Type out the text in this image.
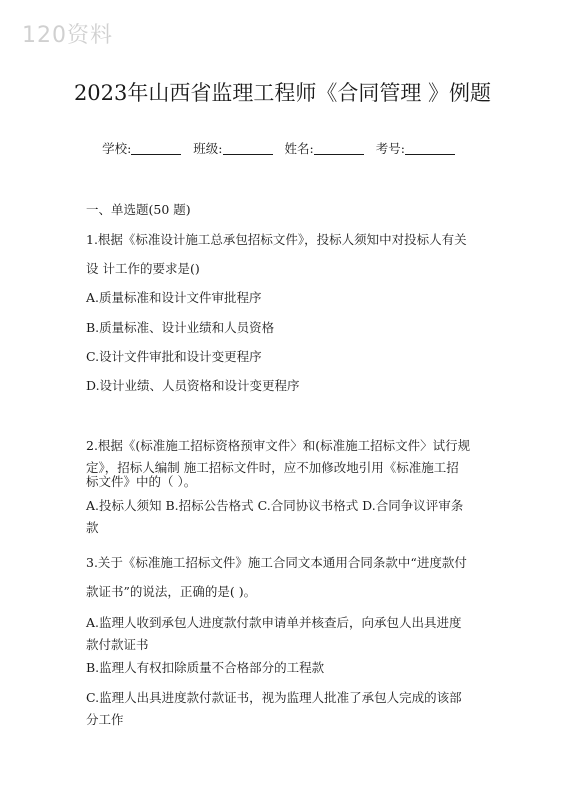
120资料
2023年山西省监理工程师《合同管理 》例题
学校:	班级:	姓名:	考号:
一、单选题(50 题)
1.根据《标准设计施工总承包招标文件》，投标人须知中对投标人有关
设 计工作的要求是()
A.质量标准和设计文件审批程序
B.质量标准、设计业绩和人员资格
C.设计文件审批和设计变更程序
D.设计业绩、人员资格和设计变更程序
2.根据《(标准施工招标资格预审文件〉和(标准施工招标文件〉试行规
定》，招标人编制 施工招标文件时，应不加修改地引用《标准施工招
标文件》中的（ ）。
A.投标人须知 B.招标公告格式 C.合同协议书格式 D.合同争议评审条
款
3.关于《标准施工招标文件》施工合同文本通用合同条款中“进度款付
款证书”的说法，正确的是( )。
A.监理人收到承包人进度款付款申请单并核查后，向承包人出具进度
款付款证书
B.监理人有权扣除质量不合格部分的工程款
C.监理人出具进度款付款证书，视为监理人批准了承包人完成的该部
分工作
